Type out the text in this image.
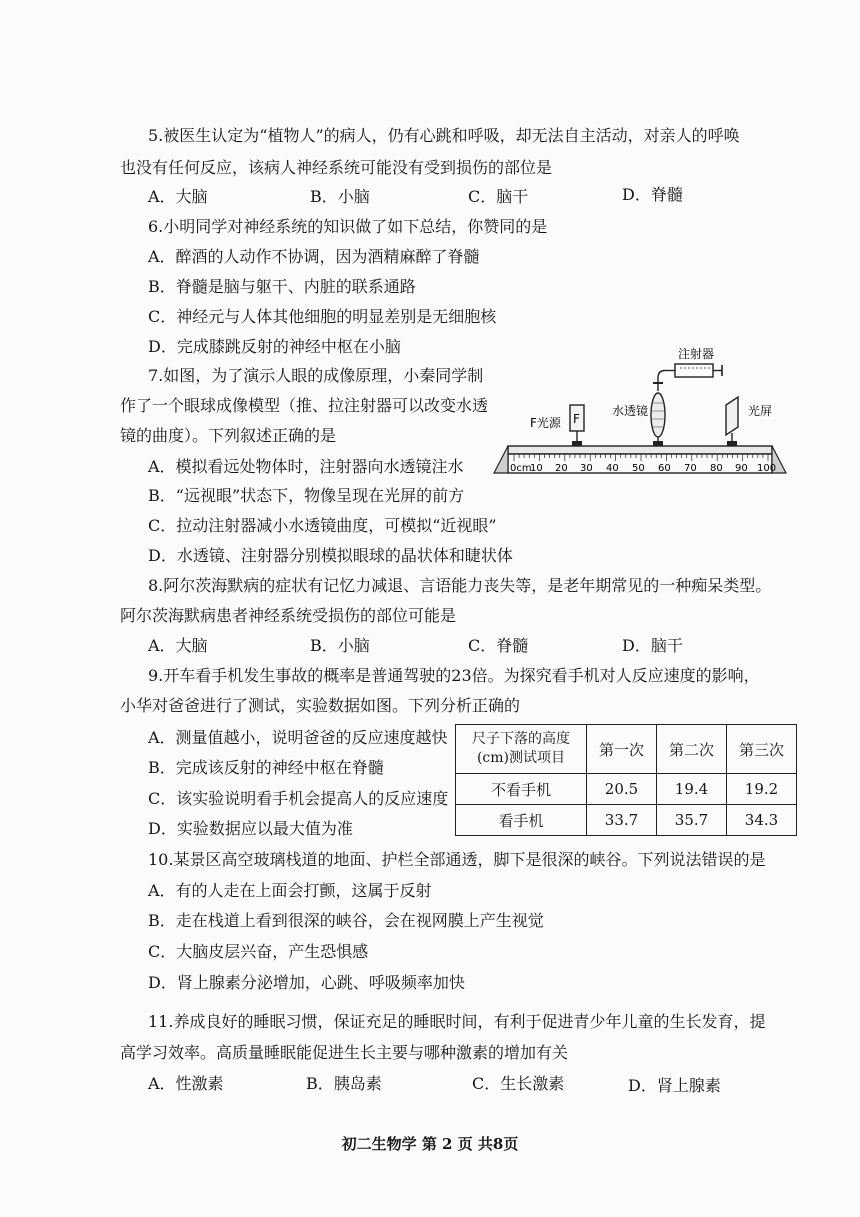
5.被医生认定为“植物人”的病人，仍有心跳和呼吸，却无法自主活动，对亲人的呼唤
也没有任何反应，该病人神经系统可能没有受到损伤的部位是
A．大脑	B．小脑	C．脑干	D．脊髓
6.小明同学对神经系统的知识做了如下总结，你赞同的是
A．醉酒的人动作不协调，因为酒精麻醉了脊髓
B．脊髓是脑与躯干、内脏的联系通路
C．神经元与人体其他细胞的明显差别是无细胞核
D．完成膝跳反射的神经中枢在小脑
7.如图，为了演示人眼的成像原理，小秦同学制
作了一个眼球成像模型（推、拉注射器可以改变水透
镜的曲度）。下列叙述正确的是
A．模拟看远处物体时，注射器向水透镜注水
B．“远视眼”状态下，物像呈现在光屏的前方
C．拉动注射器减小水透镜曲度，可模拟“近视眼”
D．水透镜、注射器分别模拟眼球的晶状体和睫状体
注射器
F光源 F
水透镜	光屏
0cm
10 20 30 40 50 60 70 80 90 100
8.阿尔茨海默病的症状有记忆力减退、言语能力丧失等，是老年期常见的一种痴呆类型。
阿尔茨海默病患者神经系统受损伤的部位可能是
A．大脑	B．小脑	C．脊髓	D．脑干
9.开车看手机发生事故的概率是普通驾驶的23倍。为探究看手机对人反应速度的影响，
小华对爸爸进行了测试，实验数据如图。下列分析正确的
A．测量值越小，说明爸爸的反应速度越快
B．完成该反射的神经中枢在脊髓
C．该实验说明看手机会提高人的反应速度
D．实验数据应以最大值为准
尺子下落的高度
(cm)测试项目	第一次	第二次	第三次
不看手机	20.5	19.4	19.2
看手机	33.7	35.7	34.3
10.某景区高空玻璃栈道的地面、护栏全部通透，脚下是很深的峡谷。下列说法错误的是
A．有的人走在上面会打颤，这属于反射
B．走在栈道上看到很深的峡谷，会在视网膜上产生视觉
C．大脑皮层兴奋，产生恐惧感
D．肾上腺素分泌增加，心跳、呼吸频率加快
11.养成良好的睡眠习惯，保证充足的睡眠时间，有利于促进青少年儿童的生长发育，提
高学习效率。高质量睡眠能促进生长主要与哪种激素的增加有关
A．性激素	B．胰岛素	C．生长激素	D．肾上腺素
初二生物学 第 2 页 共8页
